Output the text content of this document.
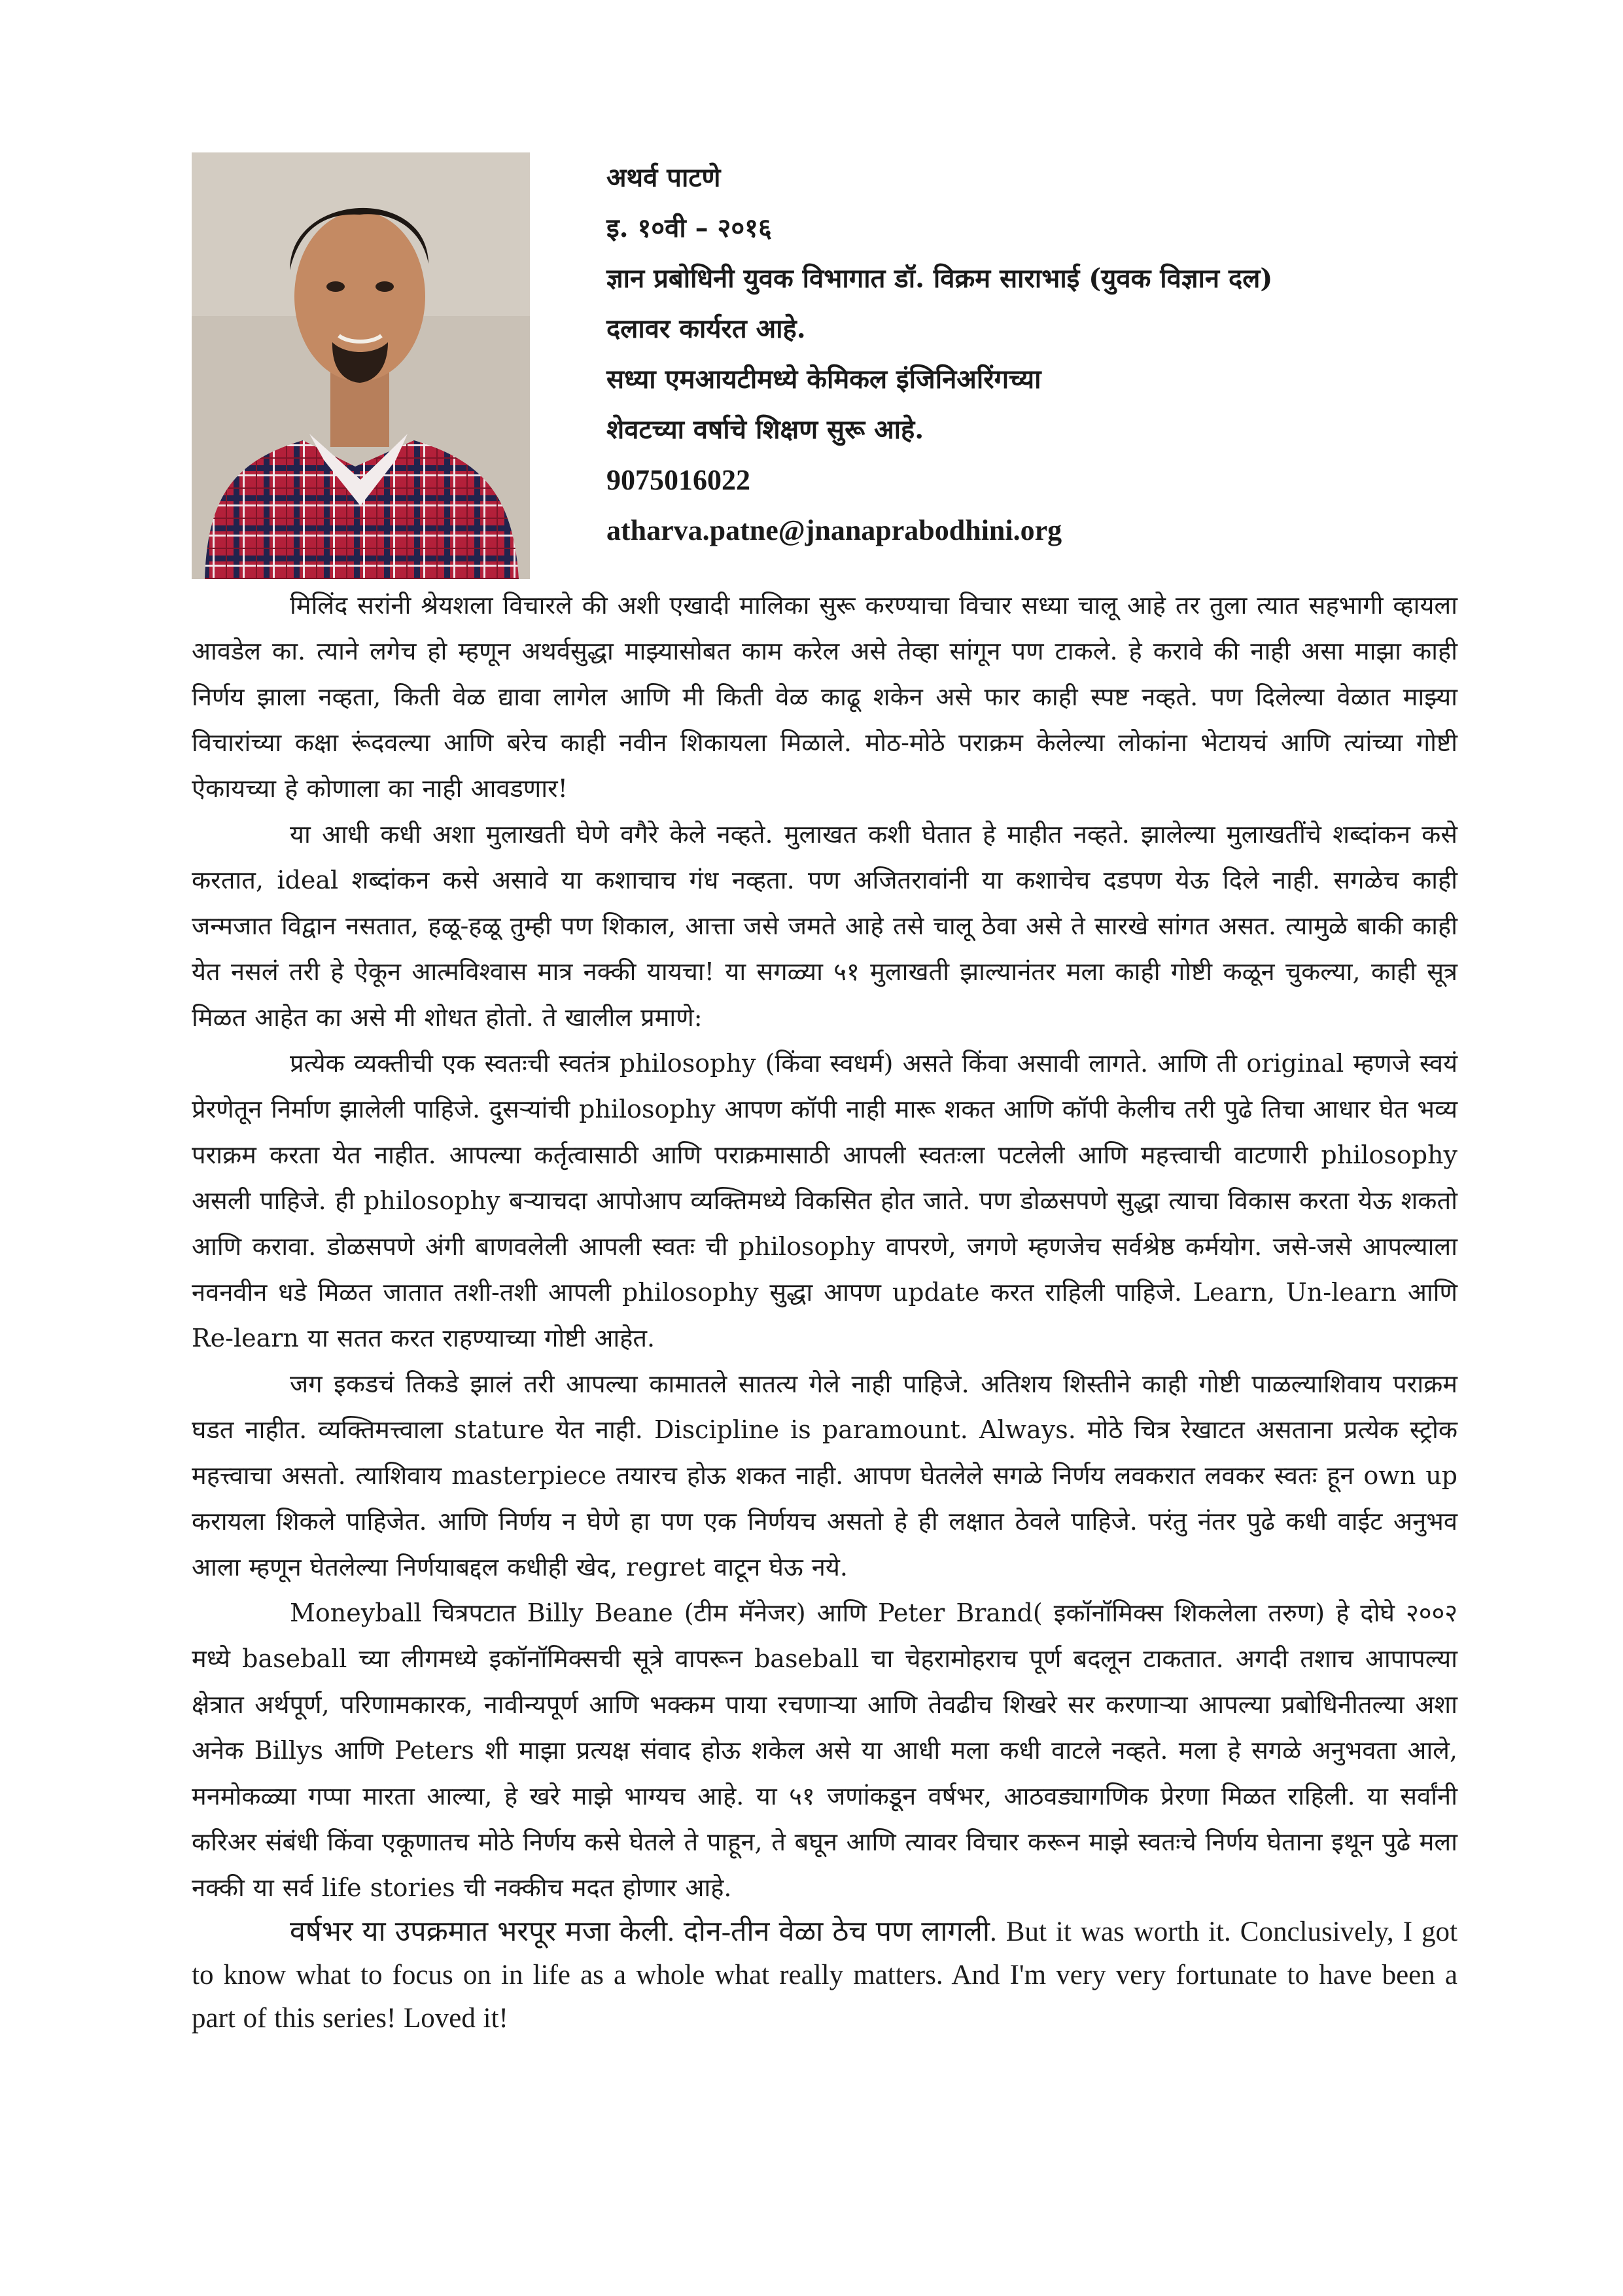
अथर्व पाटणे
इ. १०वी – २०१६
ज्ञान प्रबोधिनी युवक विभागात डॉ. विक्रम साराभाई (युवक विज्ञान दल)
दलावर कार्यरत आहे.
सध्या एमआयटीमध्ये केमिकल इंजिनिअरिंगच्या
शेवटच्या वर्षाचे शिक्षण सुरू आहे.
9075016022
atharva.patne@jnanaprabodhini.org

मिलिंद सरांनी श्रेयशला विचारले की अशी एखादी मालिका सुरू करण्याचा विचार सध्या चालू आहे तर तुला त्यात सहभागी व्हायला आवडेल का. त्याने लगेच हो म्हणून अथर्वसुद्धा माझ्यासोबत काम करेल असे तेव्हा सांगून पण टाकले. हे करावे की नाही असा माझा काही निर्णय झाला नव्हता, किती वेळ द्यावा लागेल आणि मी किती वेळ काढू शकेन असे फार काही स्पष्ट नव्हते. पण दिलेल्या वेळात माझ्या विचारांच्या कक्षा रूंदवल्या आणि बरेच काही नवीन शिकायला मिळाले. मोठ-मोठे पराक्रम केलेल्या लोकांना भेटायचं आणि त्यांच्या गोष्टी ऐकायच्या हे कोणाला का नाही आवडणार!

या आधी कधी अशा मुलाखती घेणे वगैरे केले नव्हते. मुलाखत कशी घेतात हे माहीत नव्हते. झालेल्या मुलाखतींचे शब्दांकन कसे करतात, ideal शब्दांकन कसे असावे या कशाचाच गंध नव्हता. पण अजितरावांनी या कशाचेच दडपण येऊ दिले नाही. सगळेच काही जन्मजात विद्वान नसतात, हळू-हळू तुम्ही पण शिकाल, आत्ता जसे जमते आहे तसे चालू ठेवा असे ते सारखे सांगत असत. त्यामुळे बाकी काही येत नसलं तरी हे ऐकून आत्मविश्वास मात्र नक्की यायचा! या सगळ्या ५१ मुलाखती झाल्यानंतर मला काही गोष्टी कळून चुकल्या, काही सूत्र मिळत आहेत का असे मी शोधत होतो. ते खालील प्रमाणे:

प्रत्येक व्यक्तीची एक स्वतःची स्वतंत्र philosophy (किंवा स्वधर्म) असते किंवा असावी लागते. आणि ती original म्हणजे स्वयं प्रेरणेतून निर्माण झालेली पाहिजे. दुसऱ्यांची philosophy आपण कॉपी नाही मारू शकत आणि कॉपी केलीच तरी पुढे तिचा आधार घेत भव्य पराक्रम करता येत नाहीत. आपल्या कर्तृत्वासाठी आणि पराक्रमासाठी आपली स्वतःला पटलेली आणि महत्त्वाची वाटणारी philosophy असली पाहिजे. ही philosophy बऱ्याचदा आपोआप व्यक्तिमध्ये विकसित होत जाते. पण डोळसपणे सुद्धा त्याचा विकास करता येऊ शकतो आणि करावा. डोळसपणे अंगी बाणवलेली आपली स्वतः ची philosophy वापरणे, जगणे म्हणजेच सर्वश्रेष्ठ कर्मयोग. जसे-जसे आपल्याला नवनवीन धडे मिळत जातात तशी-तशी आपली philosophy सुद्धा आपण update करत राहिली पाहिजे. Learn, Un-learn आणि Re-learn या सतत करत राहण्याच्या गोष्टी आहेत.

जग इकडचं तिकडे झालं तरी आपल्या कामातले सातत्य गेले नाही पाहिजे. अतिशय शिस्तीने काही गोष्टी पाळल्याशिवाय पराक्रम घडत नाहीत. व्यक्तिमत्त्वाला stature येत नाही. Discipline is paramount. Always. मोठे चित्र रेखाटत असताना प्रत्येक स्ट्रोक महत्त्वाचा असतो. त्याशिवाय masterpiece तयारच होऊ शकत नाही. आपण घेतलेले सगळे निर्णय लवकरात लवकर स्वतः हून own up करायला शिकले पाहिजेत. आणि निर्णय न घेणे हा पण एक निर्णयच असतो हे ही लक्षात ठेवले पाहिजे. परंतु नंतर पुढे कधी वाईट अनुभव आला म्हणून घेतलेल्या निर्णयाबद्दल कधीही खेद, regret वाटून घेऊ नये.

Moneyball चित्रपटात Billy Beane (टीम मॅनेजर) आणि Peter Brand( इकॉनॉमिक्स शिकलेला तरुण) हे दोघे २००२ मध्ये baseball च्या लीगमध्ये इकॉनॉमिक्सची सूत्रे वापरून baseball चा चेहरामोहराच पूर्ण बदलून टाकतात. अगदी तशाच आपापल्या क्षेत्रात अर्थपूर्ण, परिणामकारक, नावीन्यपूर्ण आणि भक्कम पाया रचणाऱ्या आणि तेवढीच शिखरे सर करणाऱ्या आपल्या प्रबोधिनीतल्या अशा अनेक Billys आणि Peters शी माझा प्रत्यक्ष संवाद होऊ शकेल असे या आधी मला कधी वाटले नव्हते. मला हे सगळे अनुभवता आले, मनमोकळ्या गप्पा मारता आल्या, हे खरे माझे भाग्यच आहे. या ५१ जणांकडून वर्षभर, आठवड्यागणिक प्रेरणा मिळत राहिली. या सर्वांनी करिअर संबंधी किंवा एकूणातच मोठे निर्णय कसे घेतले ते पाहून, ते बघून आणि त्यावर विचार करून माझे स्वतःचे निर्णय घेताना इथून पुढे मला नक्की या सर्व life stories ची नक्कीच मदत होणार आहे.

वर्षभर या उपक्रमात भरपूर मजा केली. दोन-तीन वेळा ठेच पण लागली. But it was worth it. Conclusively, I got to know what to focus on in life as a whole what really matters. And I'm very very fortunate to have been a part of this series! Loved it!
